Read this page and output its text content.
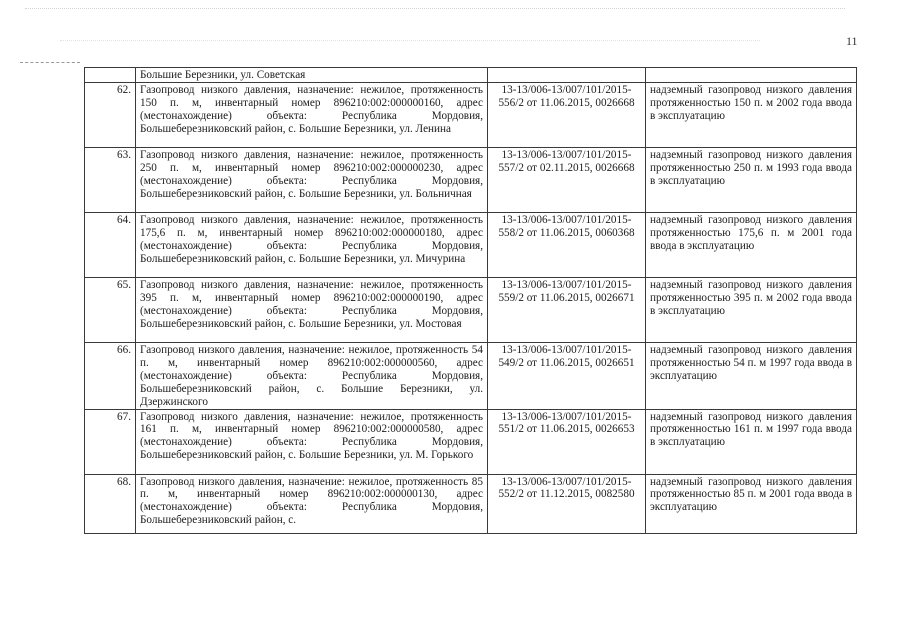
11
	Большие Березники, ул. Советская		
62.	Газопровод низкого давления, назначение: нежилое, протяженность 150 п. м, инвентарный номер 896210:002:000000160, адрес (местонахождение) объекта: Республика Мордовия, Большеберезниковский район, с. Большие Березники, ул. Ленина	13-13/006-13/007/101/2015-556/2 от 11.06.2015, 0026668	надземный газопровод низкого давления протяженностью 150 п. м 2002 года ввода в эксплуатацию
63.	Газопровод низкого давления, назначение: нежилое, протяженность 250 п. м, инвентарный номер 896210:002:000000230, адрес (местонахождение) объекта: Республика Мордовия, Большеберезниковский район, с. Большие Березники, ул. Больничная	13-13/006-13/007/101/2015-557/2 от 02.11.2015, 0026668	надземный газопровод низкого давления протяженностью 250 п. м 1993 года ввода в эксплуатацию
64.	Газопровод низкого давления, назначение: нежилое, протяженность 175,6 п. м, инвентарный номер 896210:002:000000180, адрес (местонахождение) объекта: Республика Мордовия, Большеберезниковский район, с. Большие Березники, ул. Мичурина	13-13/006-13/007/101/2015-558/2 от 11.06.2015, 0060368	надземный газопровод низкого давления протяженностью 175,6 п. м 2001 года ввода в эксплуатацию
65.	Газопровод низкого давления, назначение: нежилое, протяженность 395 п. м, инвентарный номер 896210:002:000000190, адрес (местонахождение) объекта: Республика Мордовия, Большеберезниковский район, с. Большие Березники, ул. Мостовая	13-13/006-13/007/101/2015-559/2 от 11.06.2015, 0026671	надземный газопровод низкого давления протяженностью 395 п. м 2002 года ввода в эксплуатацию
66.	Газопровод низкого давления, назначение: нежилое, протяженность 54 п. м, инвентарный номер 896210:002:000000560, адрес (местонахождение) объекта: Республика Мордовия, Большеберезниковский район, с. Большие Березники, ул. Дзержинского	13-13/006-13/007/101/2015-549/2 от 11.06.2015, 0026651	надземный газопровод низкого давления протяженностью 54 п. м 1997 года ввода в эксплуатацию
67.	Газопровод низкого давления, назначение: нежилое, протяженность 161 п. м, инвентарный номер 896210:002:000000580, адрес (местонахождение) объекта: Республика Мордовия, Большеберезниковский район, с. Большие Березники, ул. М. Горького	13-13/006-13/007/101/2015-551/2 от 11.06.2015, 0026653	надземный газопровод низкого давления протяженностью 161 п. м 1997 года ввода в эксплуатацию
68.	Газопровод низкого давления, назначение: нежилое, протяженность 85 п. м, инвентарный номер 896210:002:000000130, адрес (местонахождение) объекта: Республика Мордовия, Большеберезниковский район, с.	13-13/006-13/007/101/2015-552/2 от 11.12.2015, 0082580	надземный газопровод низкого давления протяженностью 85 п. м 2001 года ввода в эксплуатацию
